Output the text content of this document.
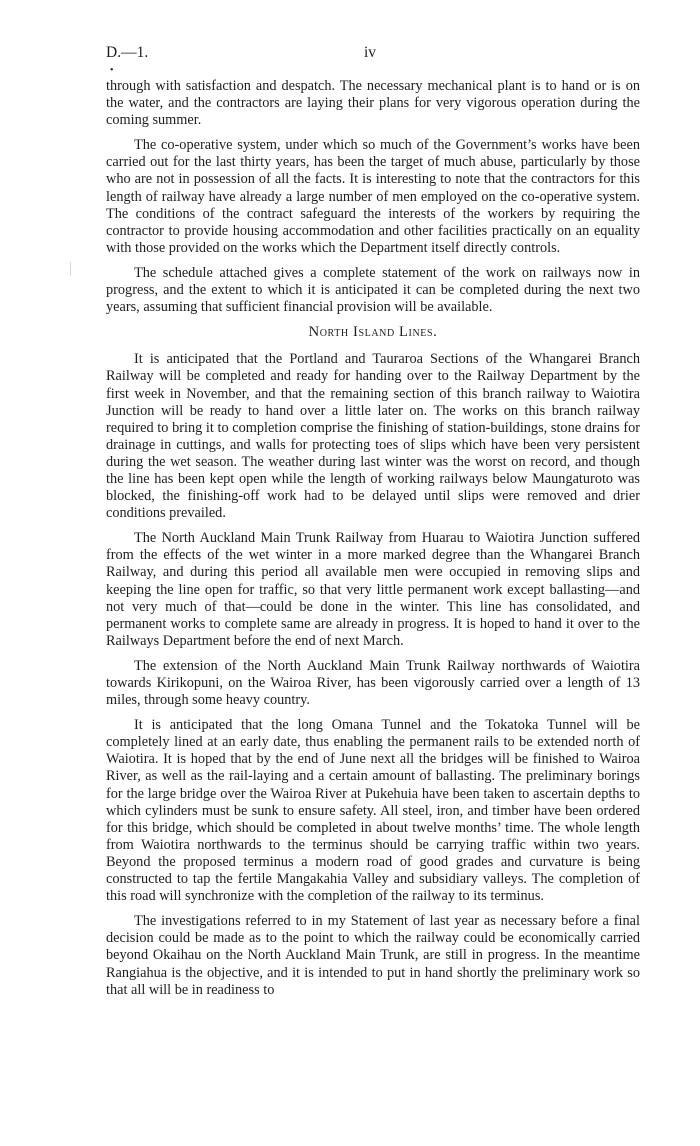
D.—1.	iv
•

through with satisfaction and despatch. The necessary mechanical plant is to hand or is on the water, and the contractors are laying their plans for very vigorous operation during the coming summer.

The co-operative system, under which so much of the Government’s works have been carried out for the last thirty years, has been the target of much abuse, particularly by those who are not in possession of all the facts. It is interesting to note that the contractors for this length of railway have already a large number of men employed on the co-operative system. The conditions of the contract safeguard the interests of the workers by requiring the contractor to provide housing accommodation and other facilities practically on an equality with those provided on the works which the Department itself directly controls.

The schedule attached gives a complete statement of the work on railways now in progress, and the extent to which it is anticipated it can be completed during the next two years, assuming that sufficient financial provision will be available.

North Island Lines.

It is anticipated that the Portland and Tauraroa Sections of the Whangarei Branch Railway will be completed and ready for handing over to the Railway Department by the first week in November, and that the remaining section of this branch railway to Waiotira Junction will be ready to hand over a little later on. The works on this branch railway required to bring it to completion comprise the finishing of station-buildings, stone drains for drainage in cuttings, and walls for protecting toes of slips which have been very persistent during the wet season. The weather during last winter was the worst on record, and though the line has been kept open while the length of working railways below Maungaturoto was blocked, the finishing-off work had to be delayed until slips were removed and drier conditions prevailed.

The North Auckland Main Trunk Railway from Huarau to Waiotira Junction suffered from the effects of the wet winter in a more marked degree than the Whangarei Branch Railway, and during this period all available men were occupied in removing slips and keeping the line open for traffic, so that very little permanent work except ballasting—and not very much of that—could be done in the winter. This line has consolidated, and permanent works to complete same are already in progress. It is hoped to hand it over to the Railways Department before the end of next March.

The extension of the North Auckland Main Trunk Railway northwards of Waiotira towards Kirikopuni, on the Wairoa River, has been vigorously carried over a length of 13 miles, through some heavy country.

It is anticipated that the long Omana Tunnel and the Tokatoka Tunnel will be completely lined at an early date, thus enabling the permanent rails to be extended north of Waiotira. It is hoped that by the end of June next all the bridges will be finished to Wairoa River, as well as the rail-laying and a certain amount of ballasting. The preliminary borings for the large bridge over the Wairoa River at Pukehuia have been taken to ascertain depths to which cylinders must be sunk to ensure safety. All steel, iron, and timber have been ordered for this bridge, which should be completed in about twelve months’ time. The whole length from Waiotira northwards to the terminus should be carrying traffic within two years. Beyond the proposed terminus a modern road of good grades and curvature is being constructed to tap the fertile Mangakahia Valley and subsidiary valleys. The completion of this road will synchronize with the completion of the railway to its terminus.

The investigations referred to in my Statement of last year as necessary before a final decision could be made as to the point to which the railway could be economically carried beyond Okaihau on the North Auckland Main Trunk, are still in progress. In the meantime Rangiahua is the objective, and it is intended to put in hand shortly the preliminary work so that all will be in readiness to
